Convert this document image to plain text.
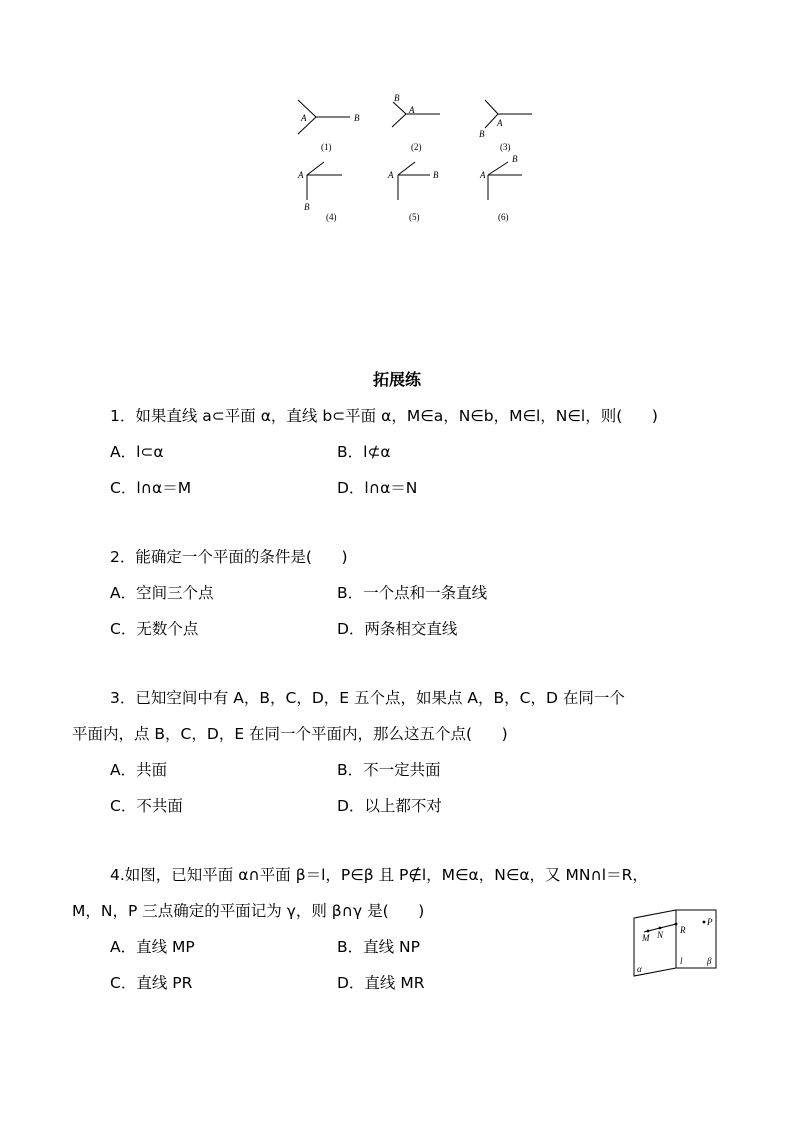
A	B
B
A
A
B
A
B
A	B	A
B
(1)	(2)	(3)
(4)	(5)	(6)
拓展练
1．如果直线 a⊂平面 α，直线 b⊂平面 α，M∈a，N∈b，M∈l，N∈l，则(      )
A．l⊂α	B．l⊄α
C．l∩α＝M	D．l∩α＝N
2．能确定一个平面的条件是(      )
A．空间三个点	B．一个点和一条直线
C．无数个点	D．两条相交直线
3．已知空间中有 A，B，C，D，E 五个点，如果点 A，B，C，D 在同一个
平面内，点 B，C，D，E 在同一个平面内，那么这五个点(      )
A．共面	B．不一定共面
C．不共面	D．以上都不对
4.如图，已知平面 α∩平面 β＝l，P∈β 且 P∉l，M∈α，N∈α，又 MN∩l＝R，
M，N，P 三点确定的平面记为 γ，则 β∩γ 是(      )
A．直线 MP	B．直线 NP
C．直线 PR	D．直线 MR
M N R
P
α
l	β
